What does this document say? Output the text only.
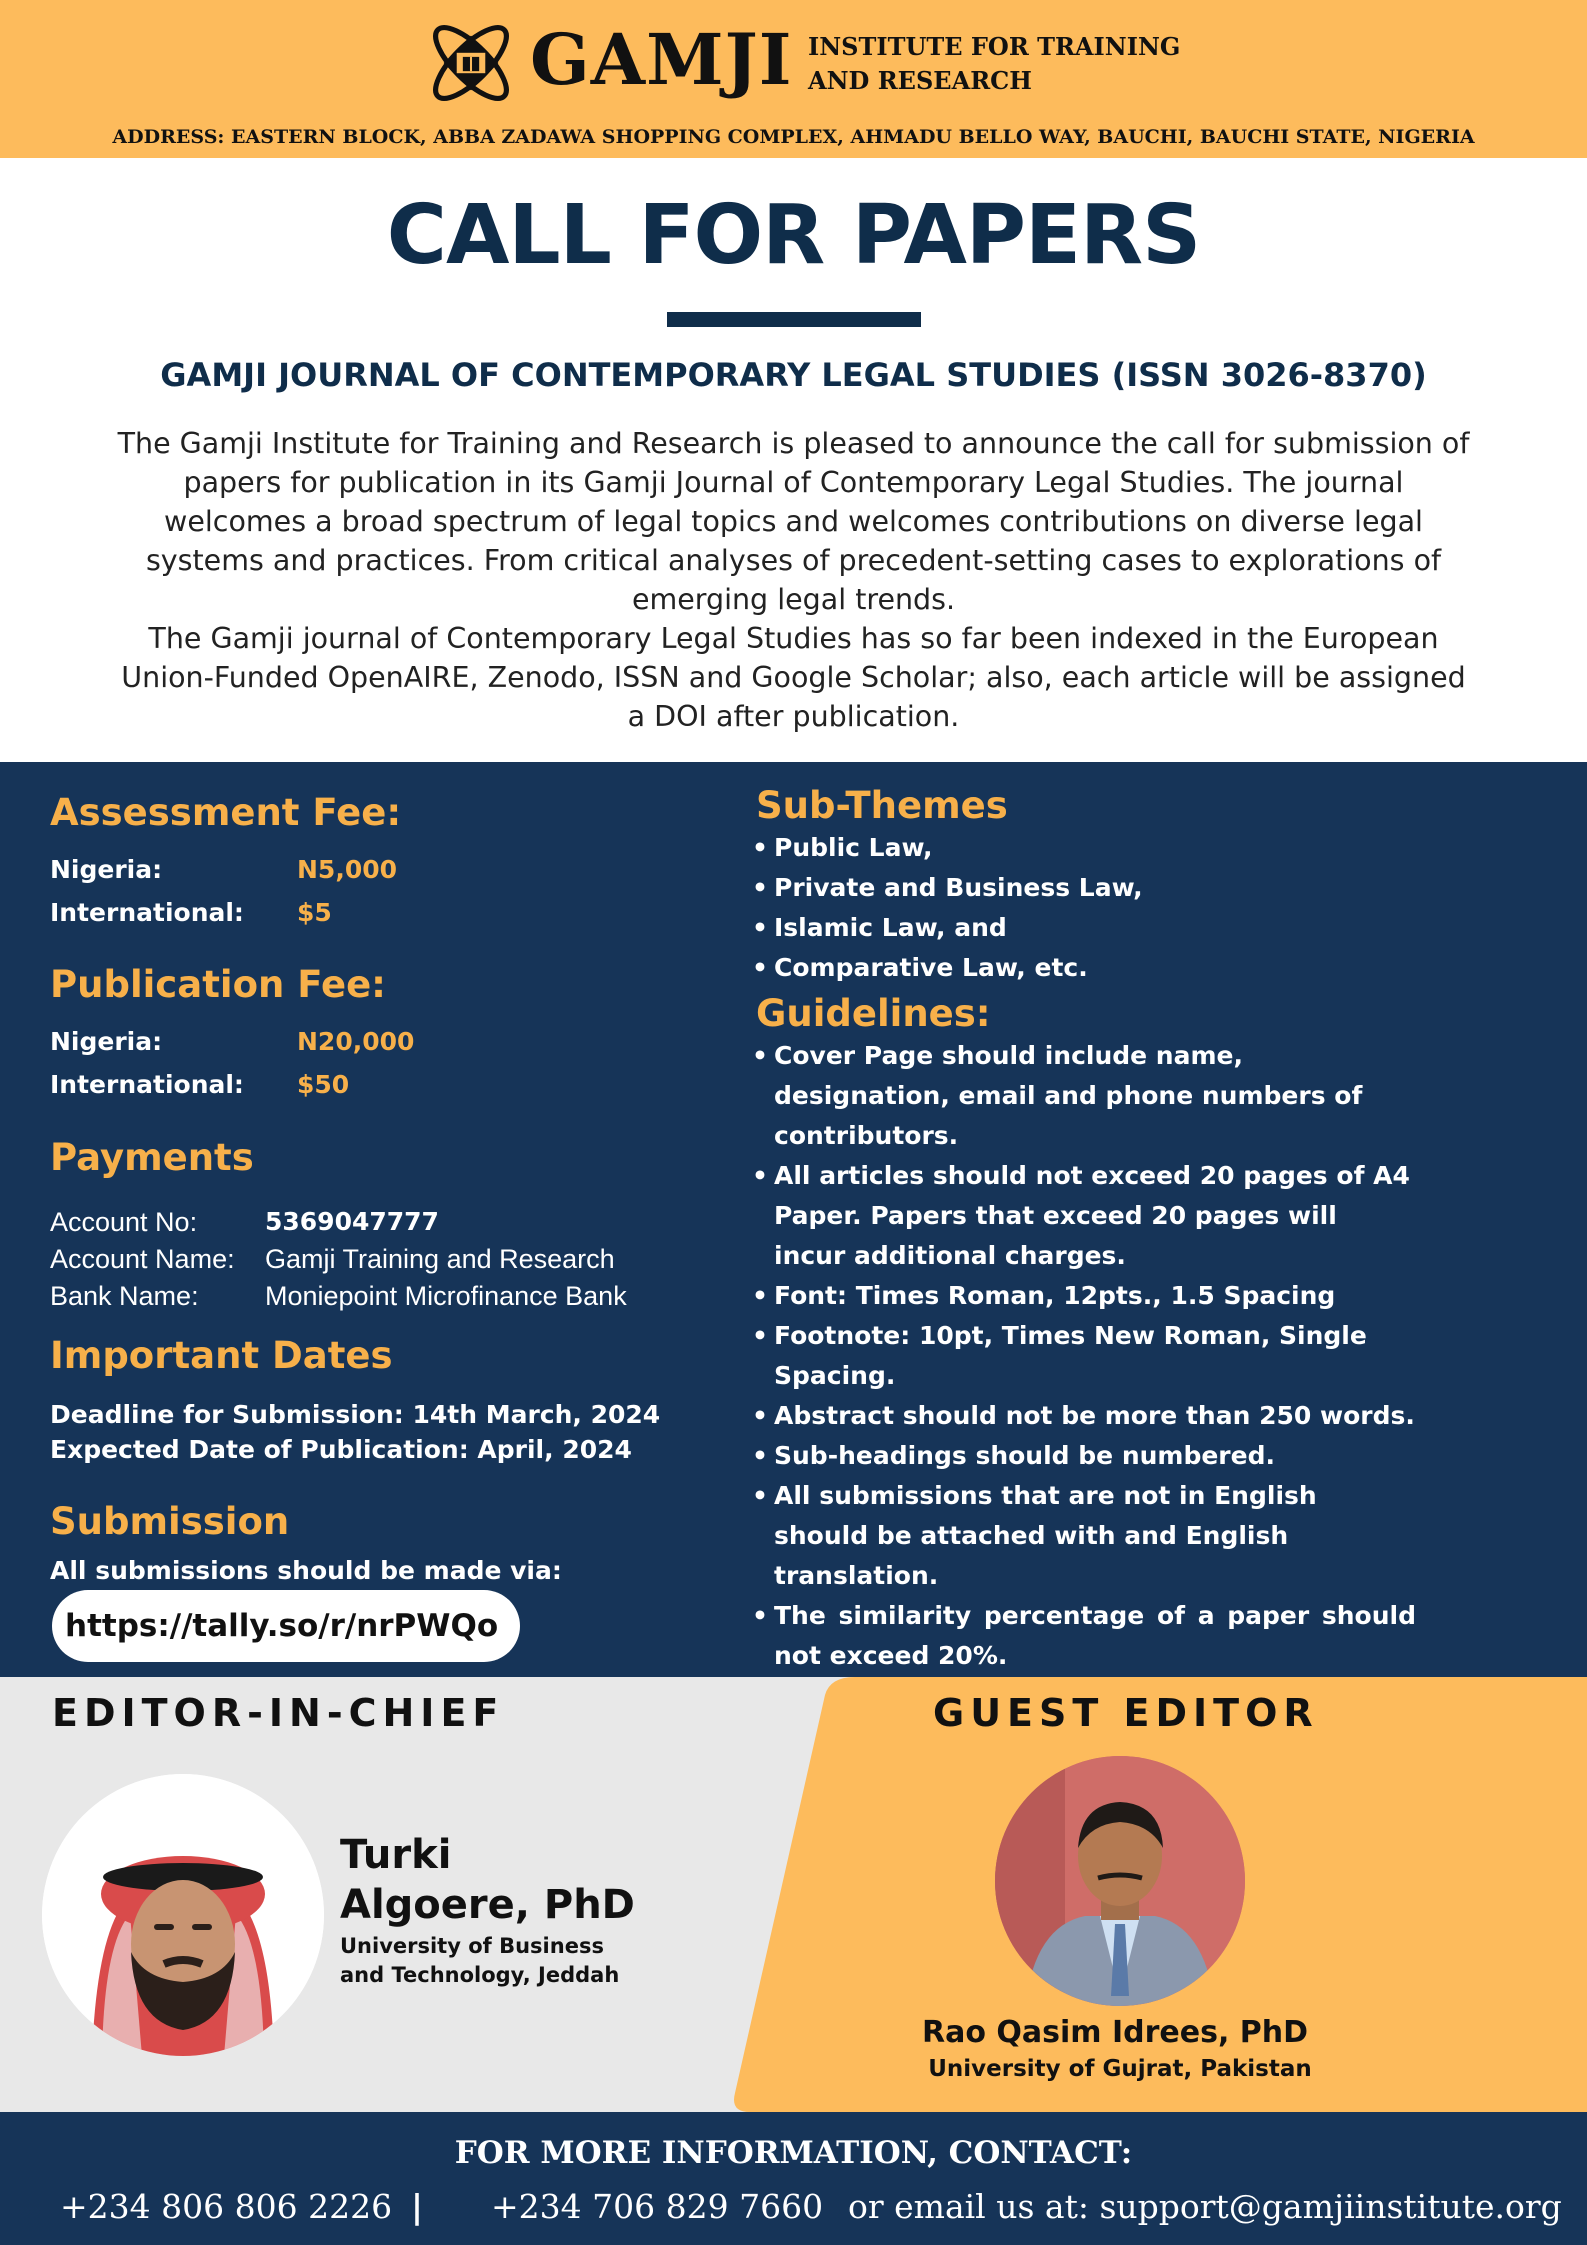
GAMJI INSTITUTE FOR TRAINING
AND RESEARCH
ADDRESS: EASTERN BLOCK, ABBA ZADAWA SHOPPING COMPLEX, AHMADU BELLO WAY, BAUCHI, BAUCHI STATE, NIGERIA
CALL FOR PAPERS
GAMJI JOURNAL OF CONTEMPORARY LEGAL STUDIES (ISSN 3026-8370)

The Gamji Institute for Training and Research is pleased to announce the call for submission of papers for publication in its Gamji Journal of Contemporary Legal Studies. The journal welcomes a broad spectrum of legal topics and welcomes contributions on diverse legal systems and practices. From critical analyses of precedent-setting cases to explorations of emerging legal trends.

The Gamji journal of Contemporary Legal Studies has so far been indexed in the European Union-Funded OpenAIRE, Zenodo, ISSN and Google Scholar; also, each article will be assigned a DOI after publication.

Assessment Fee:
Nigeria:	N5,000
International: $5
Publication Fee:
Nigeria:	N20,000
International: $50
Payments
Account No:	5369047777
Account Name: Gamji Training and Research
Bank Name: Moniepoint Microfinance Bank
Important Dates
Deadline for Submission: 14th March, 2024
Expected Date of Publication: April, 2024
Submission
All submissions should be made via:
https://tally.so/r/nrPWQo
Sub-Themes
• Public Law,
• Private and Business Law,
• Islamic Law, and
• Comparative Law, etc.
Guidelines:
• Cover Page should include name, designation, email and phone numbers of contributors.
• All articles should not exceed 20 pages of A4 Paper. Papers that exceed 20 pages will incur additional charges.
• Font: Times Roman, 12pts., 1.5 Spacing
• Footnote: 10pt, Times New Roman, Single Spacing.
• Abstract should not be more than 250 words.
• Sub-headings should be numbered.
• All submissions that are not in English should be attached with and English translation.
• The similarity percentage of a paper should not exceed 20%.
EDITOR-IN-CHIEF
Turki
Algoere, PhD
University of Business and Technology, Jeddah
GUEST EDITOR
Rao Qasim Idrees, PhD
University of Gujrat, Pakistan
FOR MORE INFORMATION, CONTACT:
+234 806 806 2226 | +234 706 829 7660 or email us at: support@gamjiinstitute.org
